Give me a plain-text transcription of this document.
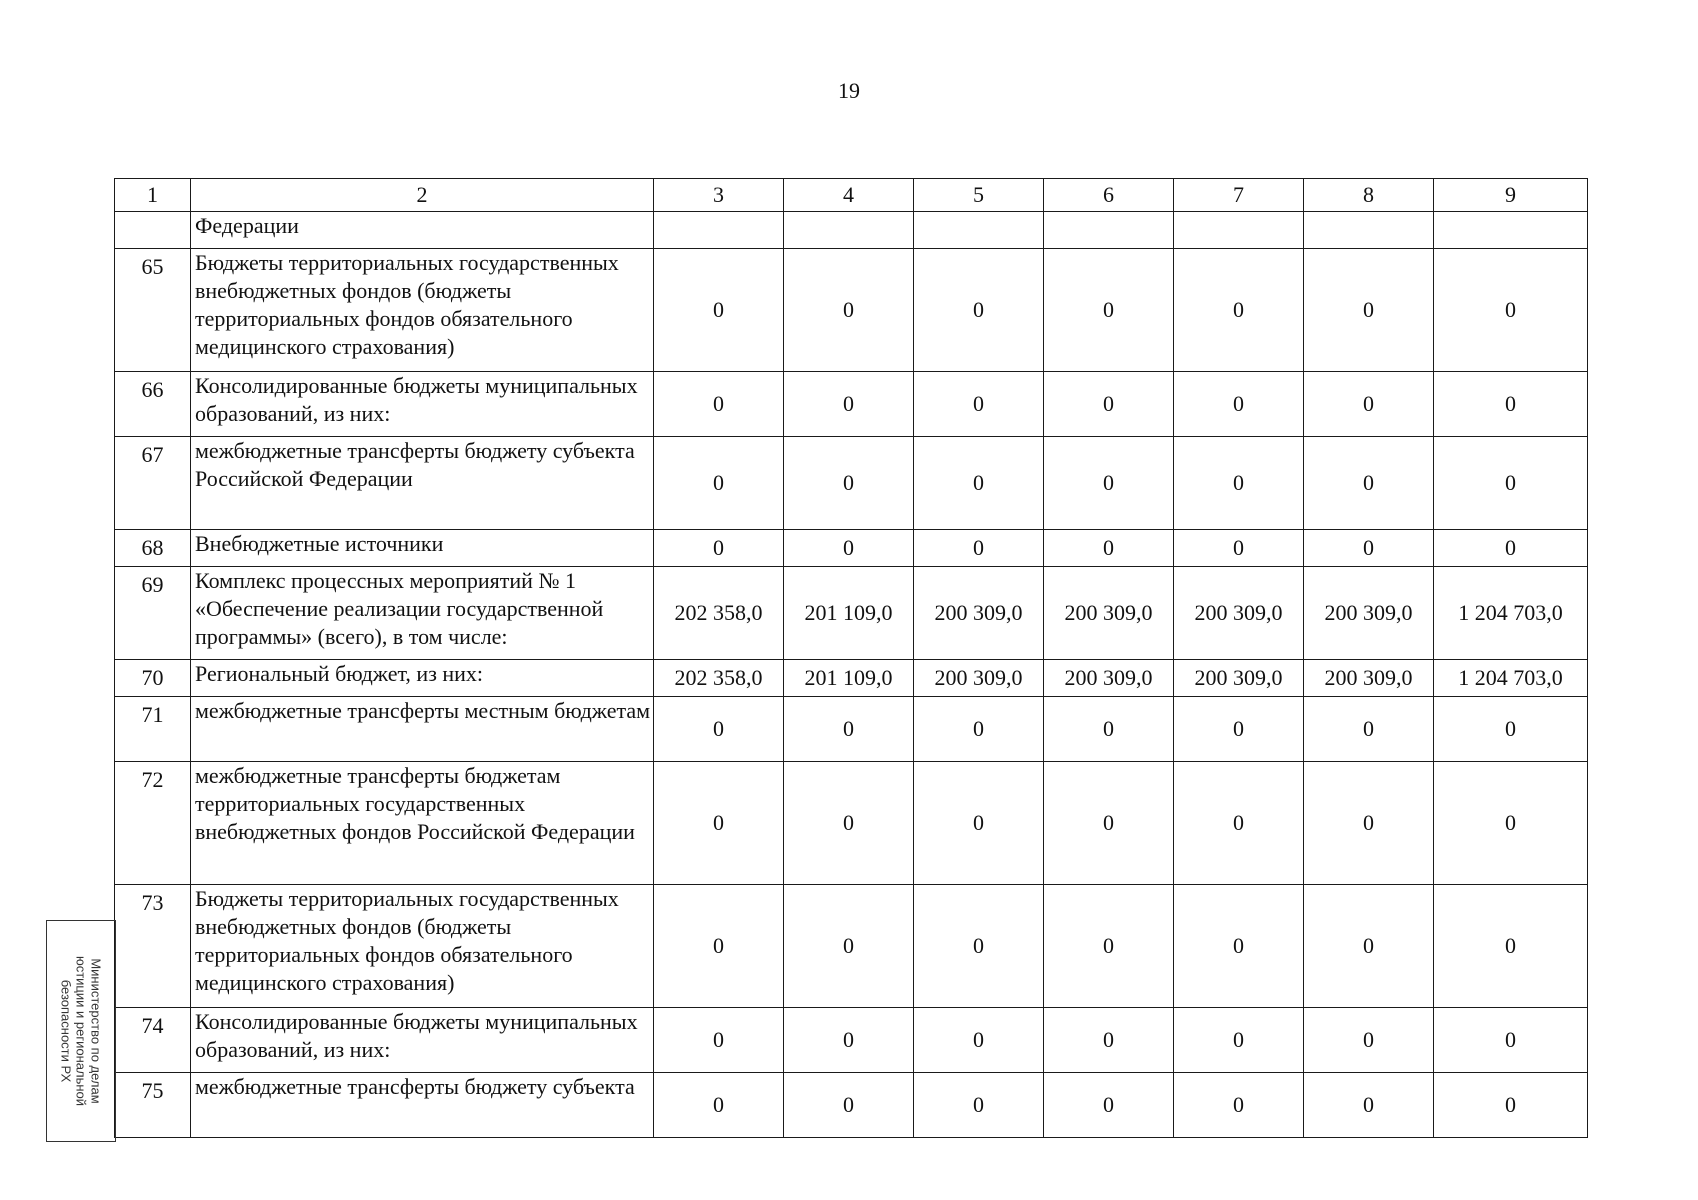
19
1	2	3	4	5	6	7	8	9
	Федерации							
65	Бюджеты территориальных государственных внебюджетных фондов (бюджеты территориальных фондов обязательного медицинского страхования)	0	0	0	0	0	0	0
66	Консолидированные бюджеты муниципальных образований, из них:	0	0	0	0	0	0	0
67	межбюджетные трансферты бюджету субъекта Российской Федерации	0	0	0	0	0	0	0
68	Внебюджетные источники	0	0	0	0	0	0	0
69	Комплекс процессных мероприятий № 1 «Обеспечение реализации государственной программы» (всего), в том числе:	202 358,0	201 109,0	200 309,0	200 309,0	200 309,0	200 309,0	1 204 703,0
70	Региональный бюджет, из них:	202 358,0	201 109,0	200 309,0	200 309,0	200 309,0	200 309,0	1 204 703,0
71	межбюджетные трансферты местным бюджетам	0	0	0	0	0	0	0
72	межбюджетные трансферты бюджетам территориальных государственных внебюджетных фондов Российской Федерации	0	0	0	0	0	0	0
73	Бюджеты территориальных государственных внебюджетных фондов (бюджеты территориальных фондов обязательного медицинского страхования)	0	0	0	0	0	0	0
74	Консолидированные бюджеты муниципальных образований, из них:	0	0	0	0	0	0	0
75	межбюджетные трансферты бюджету субъекта	0	0	0	0	0	0	0
Министерство по делам
юстиции и региональной
безопасности РХ
